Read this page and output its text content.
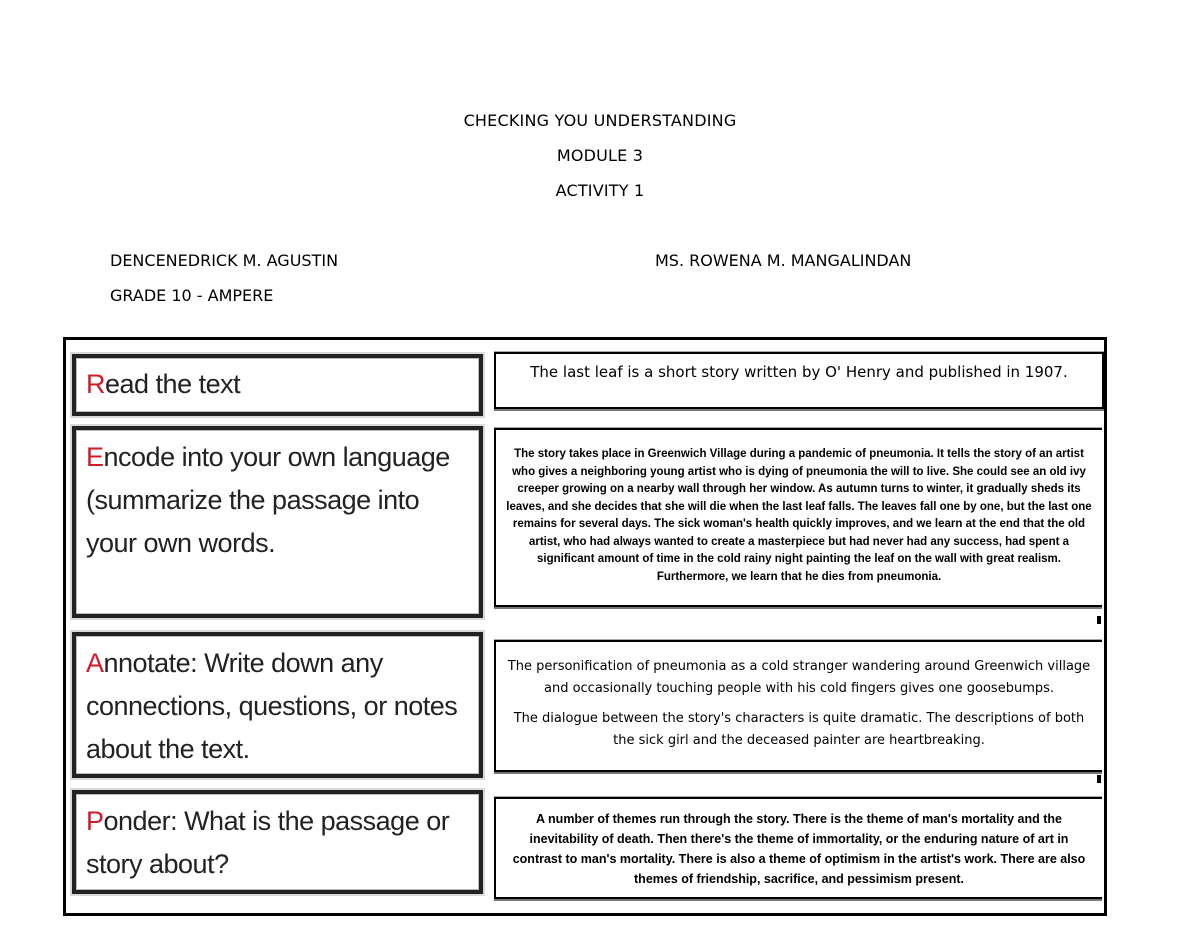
CHECKING YOU UNDERSTANDING
MODULE 3
ACTIVITY 1
DENCENEDRICK M. AGUSTIN
GRADE 10 - AMPERE
MS. ROWENA M. MANGALINDAN
Read the text
Encode into your own language (summarize the passage into your own words.
Annotate: Write down any connections, questions, or notes about the text.
Ponder: What is the passage or story about?
The last leaf is a short story written by O' Henry and published in 1907.
The story takes place in Greenwich Village during a pandemic of pneumonia. It tells the story of an artist who gives a neighboring young artist who is dying of pneumonia the will to live. She could see an old ivy creeper growing on a nearby wall through her window. As autumn turns to winter, it gradually sheds its leaves, and she decides that she will die when the last leaf falls. The leaves fall one by one, but the last one remains for several days. The sick woman's health quickly improves, and we learn at the end that the old artist, who had always wanted to create a masterpiece but had never had any success, had spent a significant amount of time in the cold rainy night painting the leaf on the wall with great realism. Furthermore, we learn that he dies from pneumonia.
The personification of pneumonia as a cold stranger wandering around Greenwich village and occasionally touching people with his cold fingers gives one goosebumps.
The dialogue between the story's characters is quite dramatic. The descriptions of both the sick girl and the deceased painter are heartbreaking.
A number of themes run through the story. There is the theme of man's mortality and the inevitability of death. Then there's the theme of immortality, or the enduring nature of art in contrast to man's mortality. There is also a theme of optimism in the artist's work. There are also themes of friendship, sacrifice, and pessimism present.
